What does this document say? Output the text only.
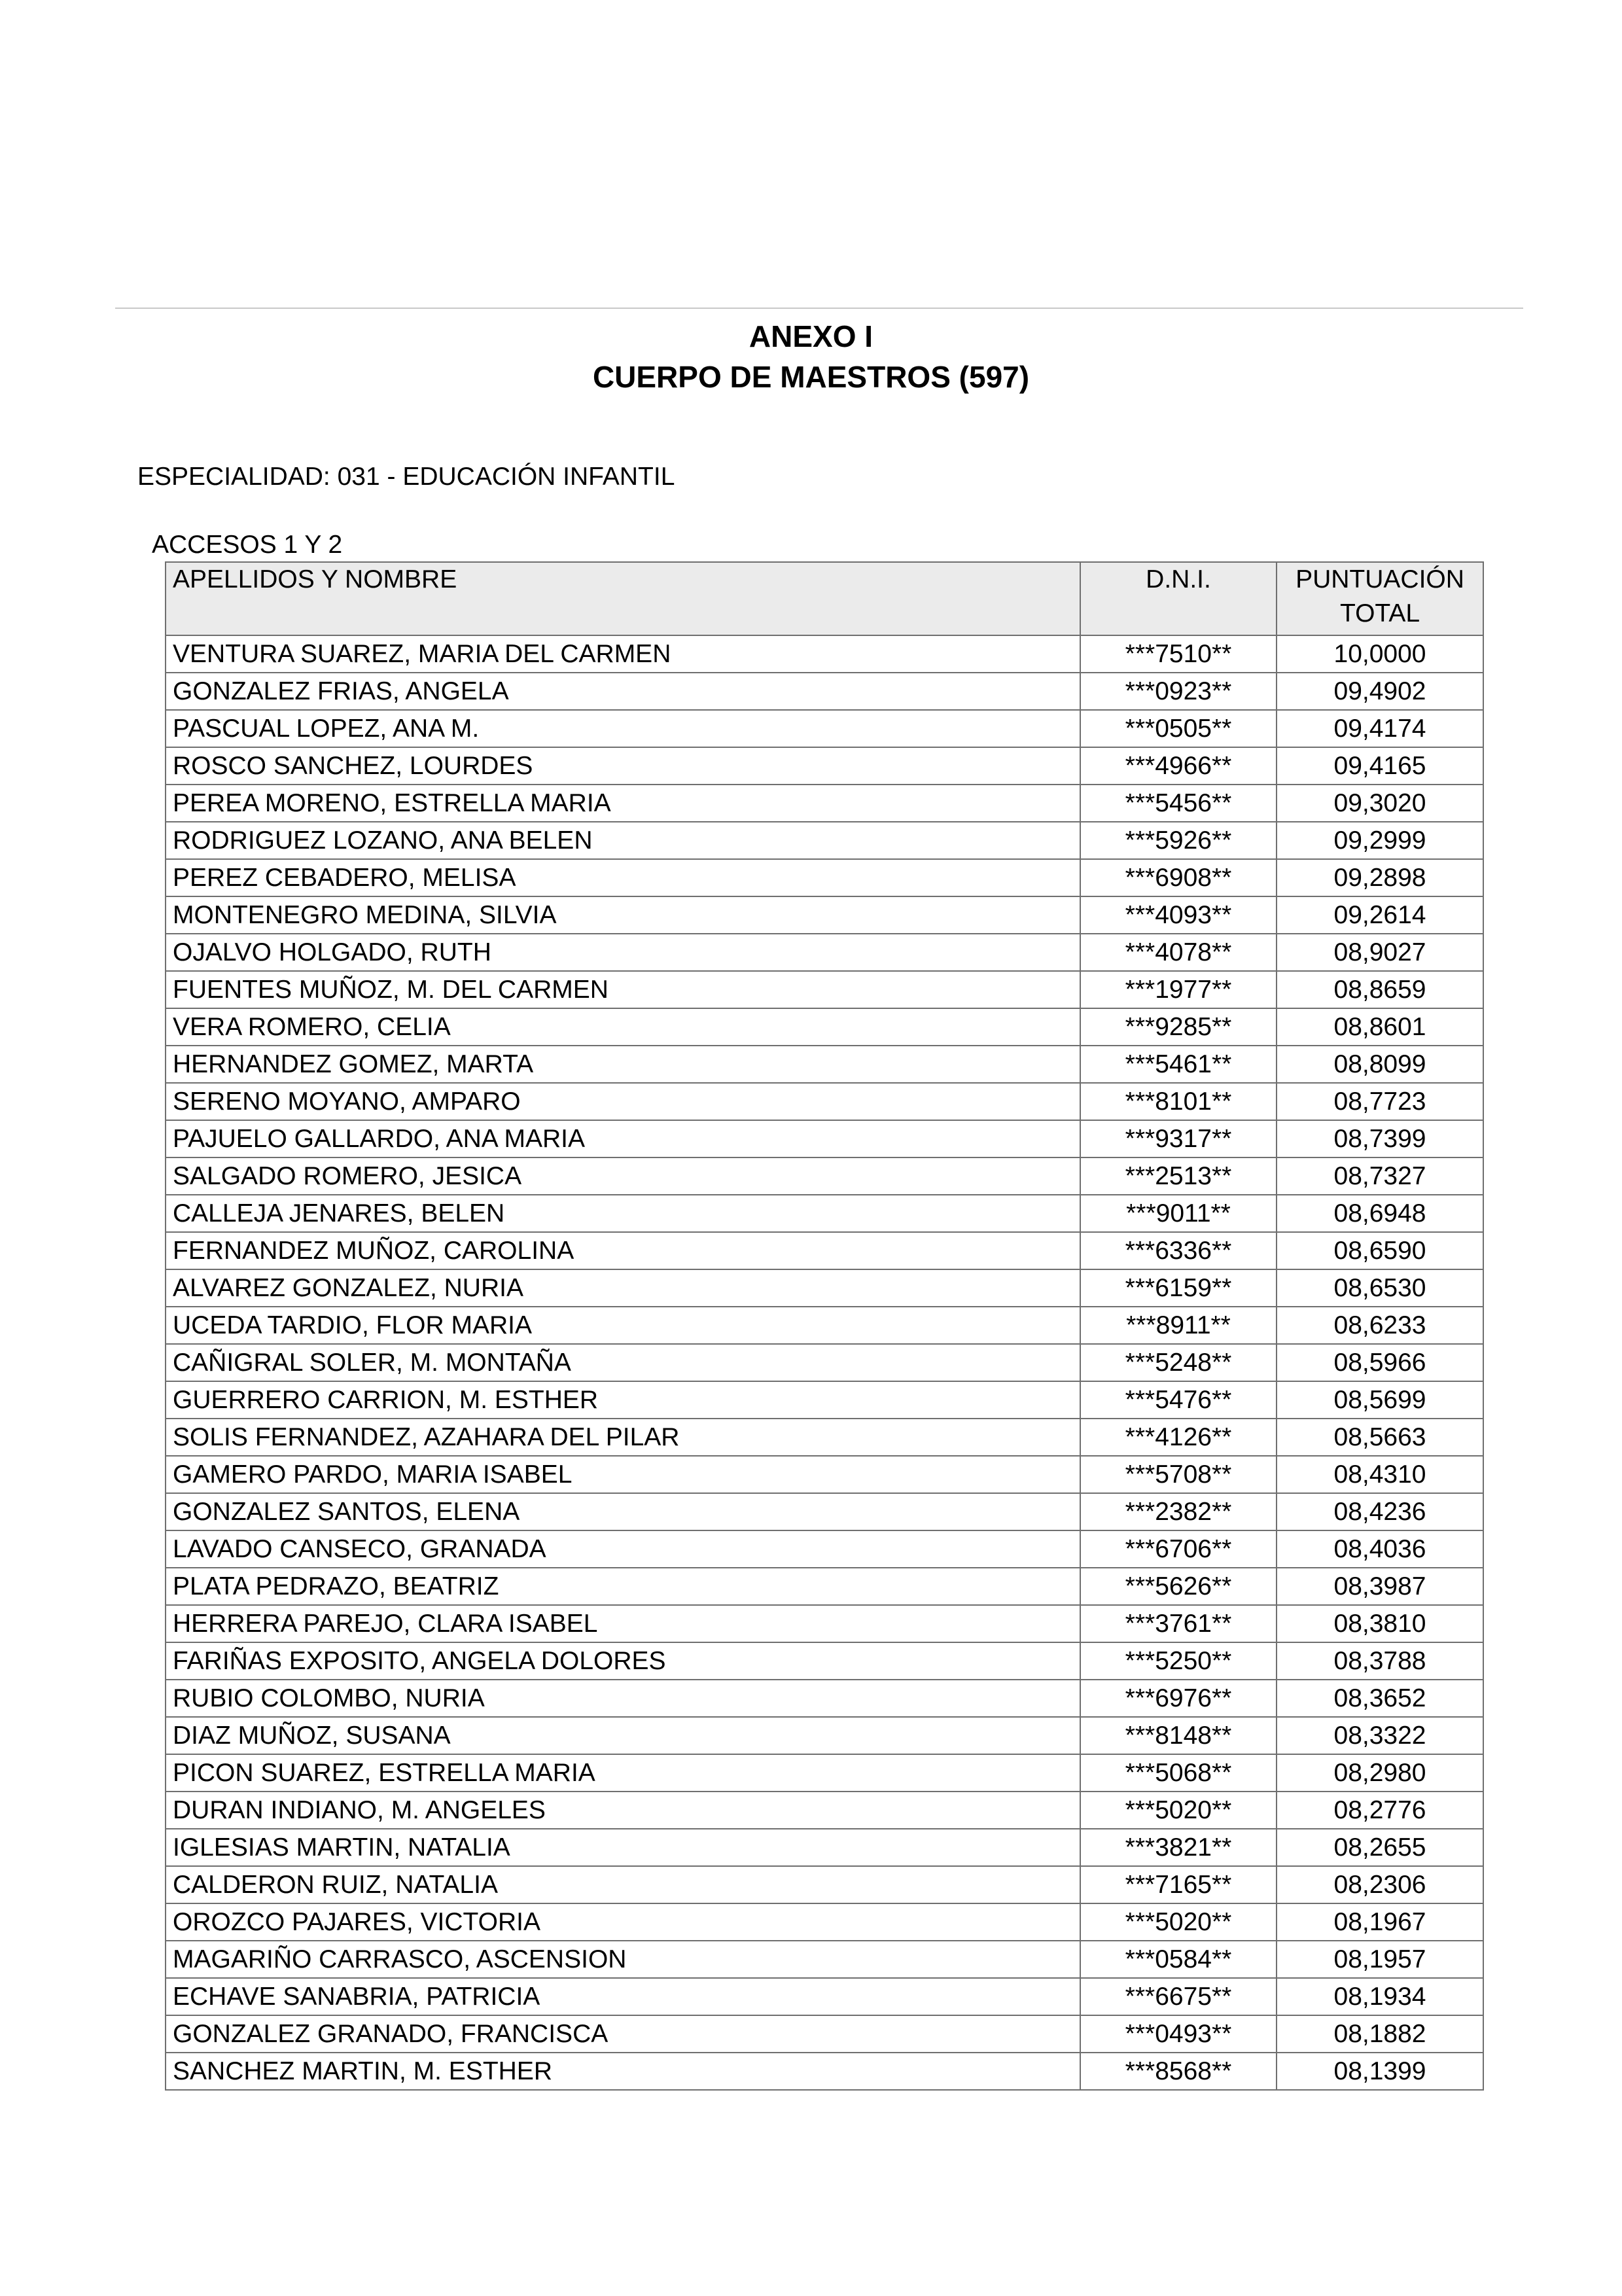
ANEXO I
CUERPO DE MAESTROS (597)
ESPECIALIDAD: 031 - EDUCACIÓN INFANTIL
ACCESOS 1 Y 2
APELLIDOS Y NOMBRE	D.N.I.	PUNTUACIÓN
TOTAL
VENTURA SUAREZ, MARIA DEL CARMEN	***7510**	10,0000
GONZALEZ FRIAS, ANGELA	***0923**	09,4902
PASCUAL LOPEZ, ANA M.	***0505**	09,4174
ROSCO SANCHEZ, LOURDES	***4966**	09,4165
PEREA MORENO, ESTRELLA MARIA	***5456**	09,3020
RODRIGUEZ LOZANO, ANA BELEN	***5926**	09,2999
PEREZ CEBADERO, MELISA	***6908**	09,2898
MONTENEGRO MEDINA, SILVIA	***4093**	09,2614
OJALVO HOLGADO, RUTH	***4078**	08,9027
FUENTES MUÑOZ, M. DEL CARMEN	***1977**	08,8659
VERA ROMERO, CELIA	***9285**	08,8601
HERNANDEZ GOMEZ, MARTA	***5461**	08,8099
SERENO MOYANO, AMPARO	***8101**	08,7723
PAJUELO GALLARDO, ANA MARIA	***9317**	08,7399
SALGADO ROMERO, JESICA	***2513**	08,7327
CALLEJA JENARES, BELEN	***9011**	08,6948
FERNANDEZ MUÑOZ, CAROLINA	***6336**	08,6590
ALVAREZ GONZALEZ, NURIA	***6159**	08,6530
UCEDA TARDIO, FLOR MARIA	***8911**	08,6233
CAÑIGRAL SOLER, M. MONTAÑA	***5248**	08,5966
GUERRERO CARRION, M. ESTHER	***5476**	08,5699
SOLIS FERNANDEZ, AZAHARA DEL PILAR	***4126**	08,5663
GAMERO PARDO, MARIA ISABEL	***5708**	08,4310
GONZALEZ SANTOS, ELENA	***2382**	08,4236
LAVADO CANSECO, GRANADA	***6706**	08,4036
PLATA PEDRAZO, BEATRIZ	***5626**	08,3987
HERRERA PAREJO, CLARA ISABEL	***3761**	08,3810
FARIÑAS EXPOSITO, ANGELA DOLORES	***5250**	08,3788
RUBIO COLOMBO, NURIA	***6976**	08,3652
DIAZ MUÑOZ, SUSANA	***8148**	08,3322
PICON SUAREZ, ESTRELLA MARIA	***5068**	08,2980
DURAN INDIANO, M. ANGELES	***5020**	08,2776
IGLESIAS MARTIN, NATALIA	***3821**	08,2655
CALDERON RUIZ, NATALIA	***7165**	08,2306
OROZCO PAJARES, VICTORIA	***5020**	08,1967
MAGARIÑO CARRASCO, ASCENSION	***0584**	08,1957
ECHAVE SANABRIA, PATRICIA	***6675**	08,1934
GONZALEZ GRANADO, FRANCISCA	***0493**	08,1882
SANCHEZ MARTIN, M. ESTHER	***8568**	08,1399
